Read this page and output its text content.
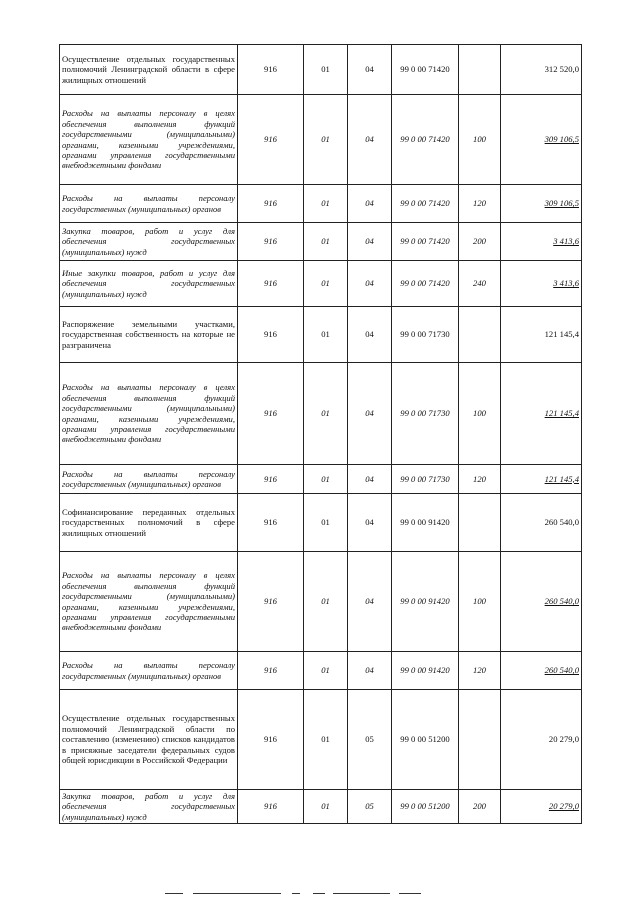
Осуществление отдельных государственных полномочий Ленинградской области в сфере жилищных отношений	916	01	04	99 0 00 71420		312 520,0
Расходы на выплаты персоналу в целях обеспечения выполнения функций государственными (муниципальными) органами, казенными учреждениями, органами управления государственными внебюджетными фондами	916	01	04	99 0 00 71420	100	309 106,5
Расходы на выплаты персоналу государственных (муниципальных) органов	916	01	04	99 0 00 71420	120	309 106,5
Закупка товаров, работ и услуг для обеспечения государственных (муниципальных) нужд	916	01	04	99 0 00 71420	200	3 413,6
Иные закупки товаров, работ и услуг для обеспечения государственных (муниципальных) нужд	916	01	04	99 0 00 71420	240	3 413,6
Распоряжение земельными участками, государственная собственность на которые не разграничена	916	01	04	99 0 00 71730		121 145,4
Расходы на выплаты персоналу в целях обеспечения выполнения функций государственными (муниципальными) органами, казенными учреждениями, органами управления государственными внебюджетными фондами	916	01	04	99 0 00 71730	100	121 145,4
Расходы на выплаты персоналу государственных (муниципальных) органов	916	01	04	99 0 00 71730	120	121 145,4
Софинансирование переданных отдельных государственных полномочий в сфере жилищных отношений	916	01	04	99 0 00 91420		260 540,0
Расходы на выплаты персоналу в целях обеспечения выполнения функций государственными (муниципальными) органами, казенными учреждениями, органами управления государственными внебюджетными фондами	916	01	04	99 0 00 91420	100	260 540,0
Расходы на выплаты персоналу государственных (муниципальных) органов	916	01	04	99 0 00 91420	120	260 540,0
Осуществление отдельных государственных полномочий Ленинградской области по составлению (изменению) списков кандидатов в присяжные заседатели федеральных судов общей юрисдикции в Российской Федерации	916	01	05	99 0 00 51200		20 279,0
Закупка товаров, работ и услуг для обеспечения государственных (муниципальных) нужд	916	01	05	99 0 00 51200	200	20 279,0
